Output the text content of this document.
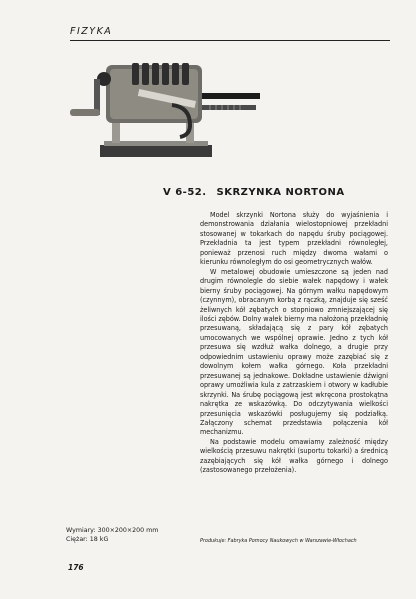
FIZYKA
V 6-52. SKRZYNKA NORTONA

Model skrzynki Nortona służy do wyjaśnienia i demonstrowania działania wielostopniowej przekładni stosowanej w tokarkach do napędu śruby pociągowej. Przekładnia ta jest typem przekładni równoległej, ponieważ przenosi ruch między dwoma wałami o kierunku równoległym do osi geometrycznych wałów.

W metalowej obudowie umieszczone są jeden nad drugim równolegle do siebie wałek napędowy i wałek bierny śruby pociągowej. Na górnym wałku napędowym (czynnym), obracanym korbą z rączką, znajduje się sześć żeliwnych kół zębatych o stopniowo zmniejszającej się ilości zębów. Dolny wałek bierny ma nałożoną przekładnię przesuwaną, składającą się z pary kół zębatych umocowanych we wspólnej oprawie. Jedno z tych kół przesuwa się wzdłuż wałka dolnego, a drugie przy odpowiednim ustawieniu oprawy może zazębiać się z dowolnym kołem wałka górnego. Koła przekładni przesuwanej są jednakowe. Dokładne ustawienie dźwigni oprawy umożliwia kula z zatrzaskiem i otwory w kadłubie skrzynki. Na śrubę pociągową jest wkręcona prostokątna nakrętka ze wskazówką. Do odczytywania wielkości przesunięcia wskazówki posługujemy się podziałką. Załączony schemat przedstawia połączenia kół mechanizmu.

Na podstawie modelu omawiamy zależność między wielkością przesuwu nakrętki (suportu tokarki) a średnicą zazębiających się kół wałka górnego i dolnego (zastosowanego przełożenia).

Wymiary: 300×200×200 mm
Ciężar: 18 kG	Produkuje: Fabryka Pomocy Naukowych w Warszawie-Włochach
176
